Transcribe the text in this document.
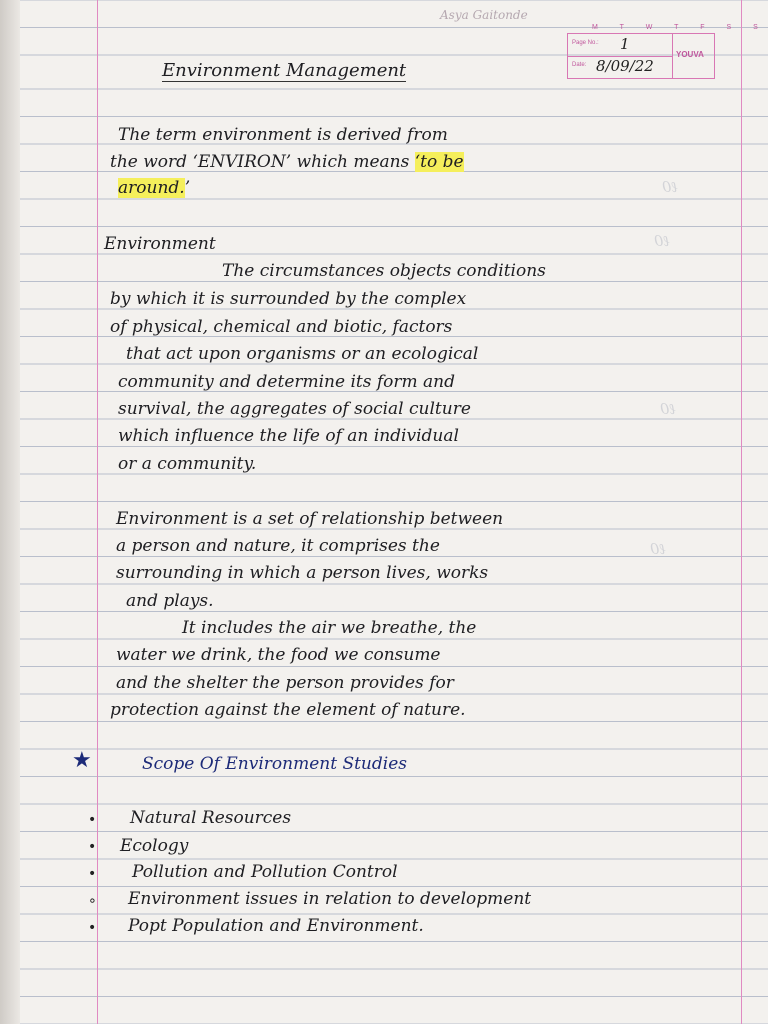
ℓ0
ℓ0
ℓ0
ℓ0
Asya Gaitonde
M T W T F S S
Page No.: 1
Date: 8/09/22
YOUVA
Environment Management
The term environment is derived from
the word ‘ENVIRON’ which means ‘to be
around.’
Environment
The circumstances objects conditions
by which it is surrounded by the complex
of physical, chemical and biotic, factors
that act upon organisms or an ecological
community and determine its form and
survival, the aggregates of social culture
which influence the life of an individual
or a community.
Environment is a set of relationship between
a person and nature, it comprises the
surrounding in which a person lives, works
and plays.
It includes the air we breathe, the
water we drink, the food we consume
and the shelter the person provides for
protection against the element of nature.
★	Scope Of Environment Studies
• Natural Resources
• Ecology
• Pollution and Pollution Control
∘ Environment issues in relation to development
• Popt Population and Environment.
